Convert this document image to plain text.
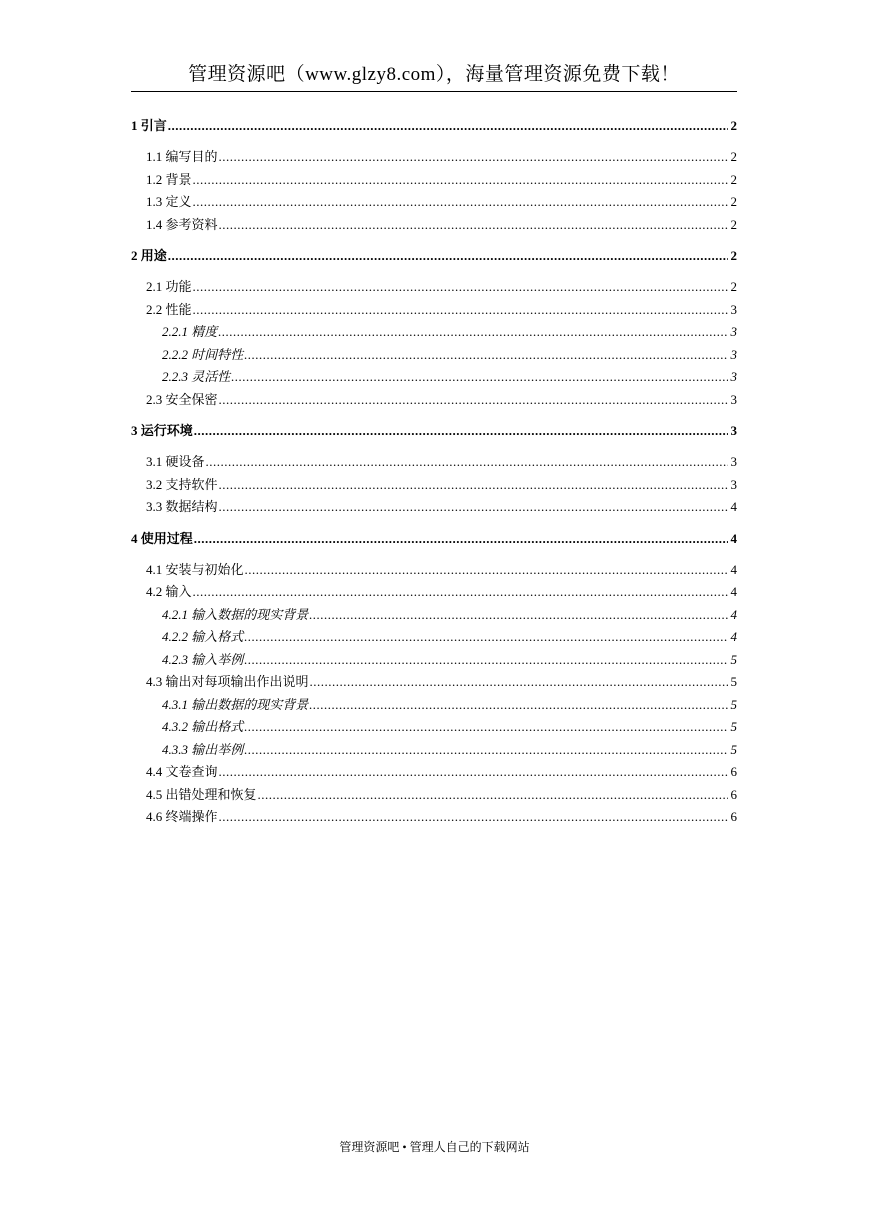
管理资源吧（www.glzy8.com），海量管理资源免费下载！
1 引言 .....	2
1.1 编写目的 .....	2
1.2 背景 .....	2
1.3 定义 .....	2
1.4 参考资料 .....	2
2 用途 .....	2
2.1 功能 .....	2
2.2 性能 .....	3
2.2.1 精度 .....	3
2.2.2 时间特性 .....	3
2.2.3 灵活性 .....	3
2.3 安全保密 .....	3
3 运行环境 .....	3
3.1 硬设备 .....	3
3.2 支持软件 .....	3
3.3 数据结构 .....	4
4 使用过程 .....	4
4.1 安装与初始化 .....	4
4.2 输入 .....	4
4.2.1 输入数据的现实背景 .....	4
4.2.2 输入格式 .....	4
4.2.3 输入举例 .....	5
4.3 输出对每项输出作出说明 .....	5
4.3.1 输出数据的现实背景 .....	5
4.3.2 输出格式 .....	5
4.3.3 输出举例 .....	5
4.4 文卷查询 .....	6
4.5 出错处理和恢复 .....	6
4.6 终端操作 .....	6
管理资源吧 • 管理人自己的下载网站
